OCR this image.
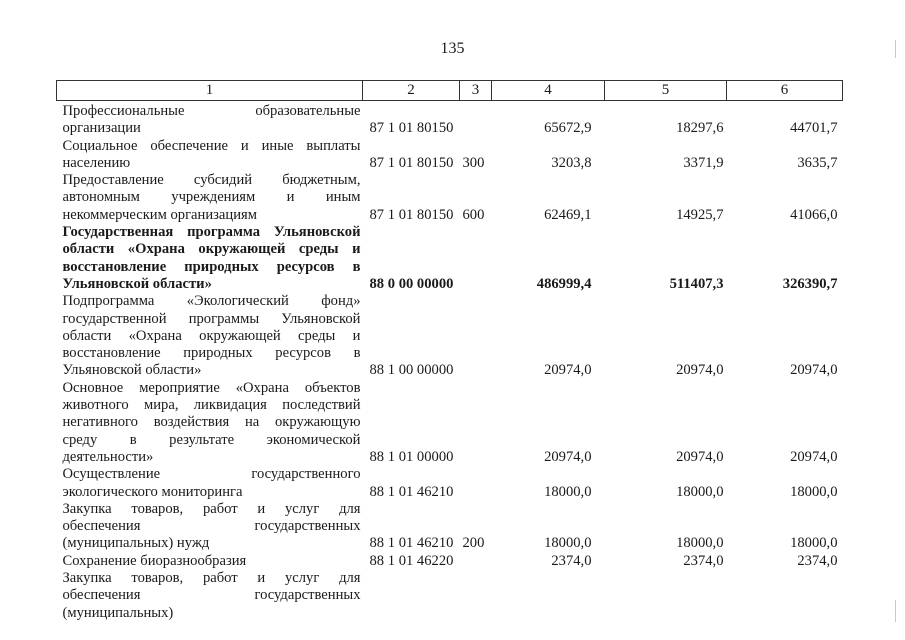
135
1	2	3	4	5	6
Профессиональные образовательные организации	87 1 01 80150		65672,9	18297,6	44701,7
Социальное обеспечение и иные выплаты населению	87 1 01 80150	300	3203,8	3371,9	3635,7
Предоставление субсидий бюджетным, автономным учреждениям и иным некоммерческим организациям	87 1 01 80150	600	62469,1	14925,7	41066,0
Государственная программа Ульяновской области «Охрана окружающей среды и восстановление природных ресурсов в Ульяновской области»	88 0 00 00000		486999,4	511407,3	326390,7
Подпрограмма «Экологический фонд» государственной программы Ульяновской области «Охрана окружающей среды и восстановление природных ресурсов в Ульяновской области»	88 1 00 00000		20974,0	20974,0	20974,0
Основное мероприятие «Охрана объектов животного мира, ликвидация последствий негативного воздействия на окружающую среду в результате экономической деятельности»	88 1 01 00000		20974,0	20974,0	20974,0
Осуществление государственного экологического мониторинга	88 1 01 46210		18000,0	18000,0	18000,0
Закупка товаров, работ и услуг для обеспечения государственных (муниципальных) нужд	88 1 01 46210	200	18000,0	18000,0	18000,0
Сохранение биоразнообразия	88 1 01 46220		2374,0	2374,0	2374,0
Закупка товаров, работ и услуг для обеспечения государственных (муниципальных)					
